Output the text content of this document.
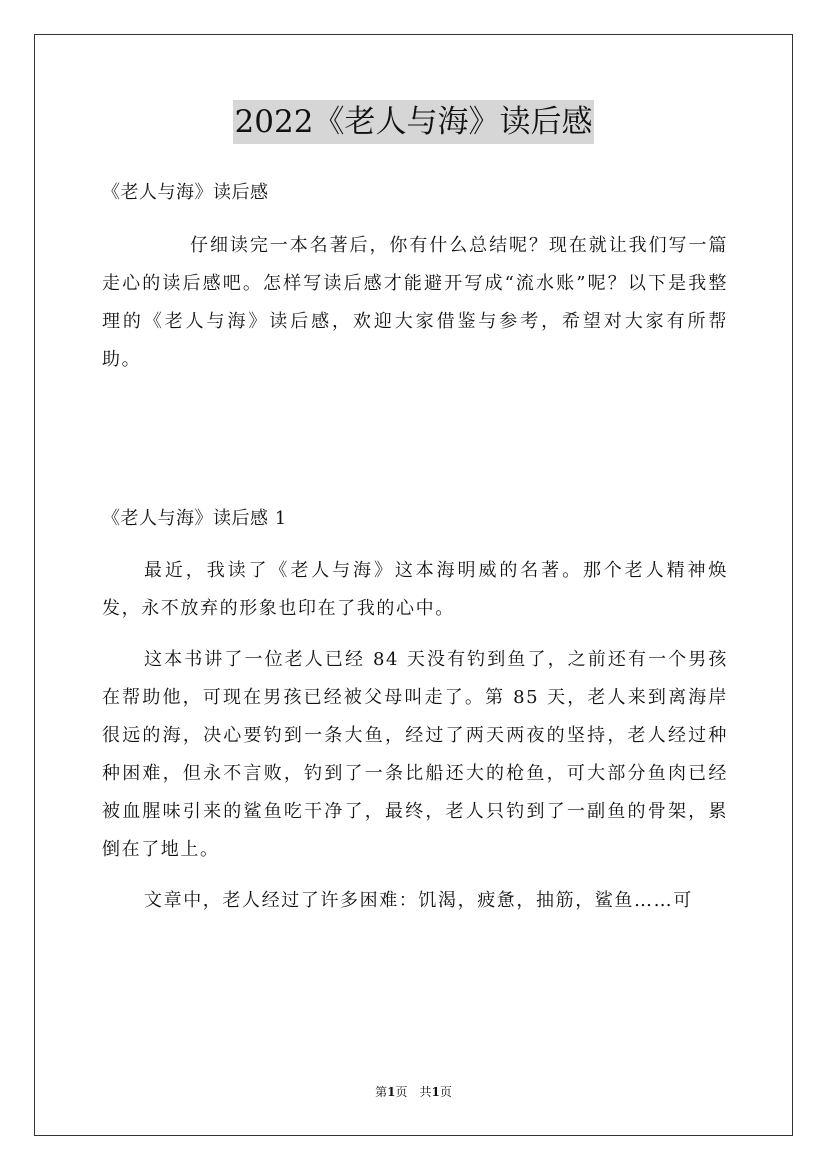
2022《老人与海》读后感
《老人与海》读后感

仔细读完一本名著后，你有什么总结呢？现在就让我们写一篇走心的读后感吧。怎样写读后感才能避开写成“流水账”呢？以下是我整理的《老人与海》读后感，欢迎大家借鉴与参考，希望对大家有所帮助。

《老人与海》读后感 1

最近，我读了《老人与海》这本海明威的名著。那个老人精神焕发，永不放弃的形象也印在了我的心中。

这本书讲了一位老人已经 84 天没有钓到鱼了，之前还有一个男孩在帮助他，可现在男孩已经被父母叫走了。第 85 天，老人来到离海岸很远的海，决心要钓到一条大鱼，经过了两天两夜的坚持，老人经过种种困难，但永不言败，钓到了一条比船还大的枪鱼，可大部分鱼肉已经被血腥味引来的鲨鱼吃干净了，最终，老人只钓到了一副鱼的骨架，累倒在了地上。

文章中，老人经过了许多困难：饥渴，疲惫，抽筋，鲨鱼……可

第1页 共1页
